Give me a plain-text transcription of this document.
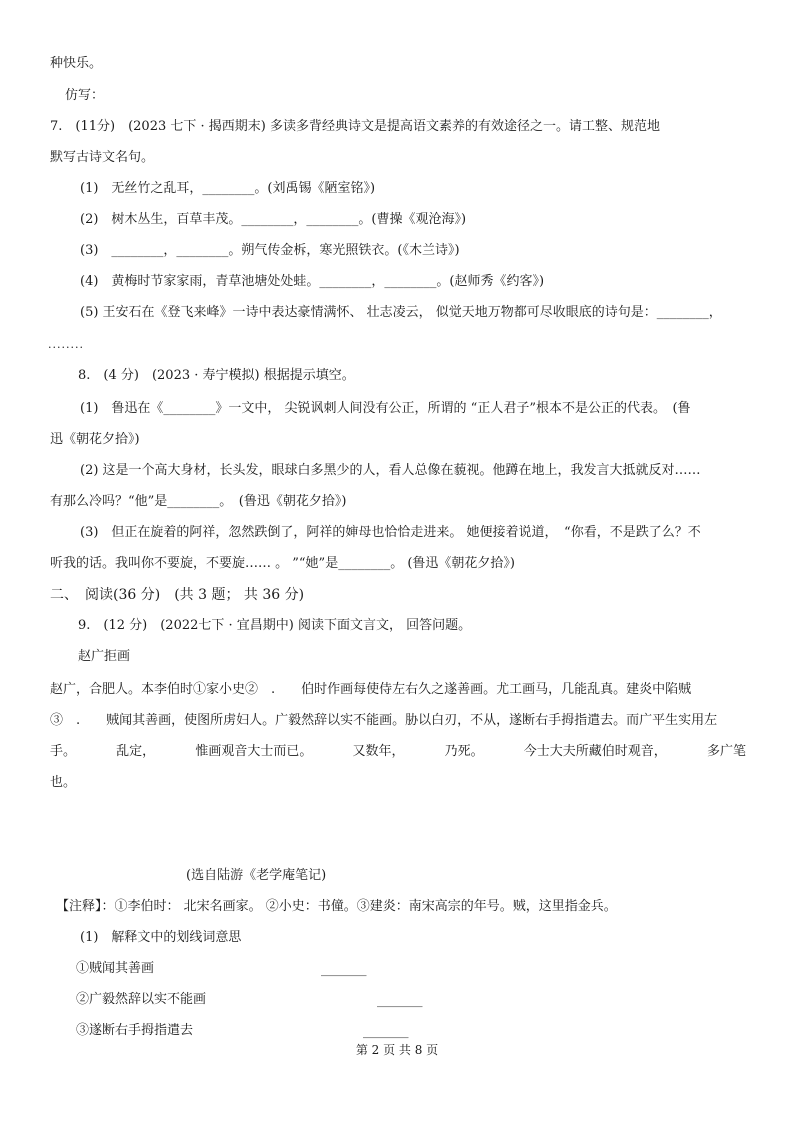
种快乐。
仿写：
7.　(11分)　(2023 七下 · 揭西期末) 多读多背经典诗文是提高语文素养的有效途径之一。请工整、规范地
默写古诗文名句。
(1)　无丝竹之乱耳，________。(刘禹锡《陋室铭》)
(2)　树木丛生，百草丰茂。________，________。(曹操《观沧海》)
(3)　________，________。朔气传金柝，寒光照铁衣。(《木兰诗》)
(4)　黄梅时节家家雨，青草池塘处处蛙。________，________。(赵师秀《约客》)
(5) 王安石在《登飞来峰》一诗中表达豪情满怀、 壮志凌云， 似觉天地万物都可尽收眼底的诗句是：________，
........
8.　(4 分)　(2023 · 寿宁模拟) 根据提示填空。
(1)　鲁迅在《________》一文中， 尖锐讽刺人间没有公正，所谓的 “正人君子”根本不是公正的代表。　(鲁
迅《朝花夕拾》)
(2) 这是一个高大身材，长头发，眼球白多黑少的人，看人总像在藐视。他蹲在地上，我发言大抵就反对……
有那么冷吗？“他”是________。　(鲁迅《朝花夕拾》)
(3)　但正在旋着的阿祥，忽然跌倒了，阿祥的婶母也恰恰走进来。 她便接着说道，　“你看，不是跌了么？不
听我的话。我叫你不要旋，不要旋…… 。 ”“她”是________。 (鲁迅《朝花夕拾》)
二、　阅读(36 分)　(共 3 题； 共 36 分)
9.　(12 分)　(2022七下 · 宜昌期中) 阅读下面文言文， 回答问题。
赵广拒画
赵广，合肥人。本李伯时①家小史②　.　　伯时作画每使侍左右久之遂善画。尤工画马，几能乱真。建炎中陷贼
③　.　　贼闻其善画，使图所虏妇人。广毅然辞以实不能画。胁以白刃，不从，遂断右手拇指遣去。而广平生实用左
手。	乱定，	惟画观音大士而已。	又数年，	乃死。	今士大夫所藏伯时观音，	多广笔
也。
(选自陆游《老学庵笔记)
【注释】：①李伯时： 北宋名画家。 ②小史：书僮。③建炎：南宋高宗的年号。贼，这里指金兵。
(1)　解释文中的划线词意思
①贼闻其善画	_______
②广毅然辞以实不能画	_______
③遂断右手拇指遣去	_______
第 2 页 共 8 页
